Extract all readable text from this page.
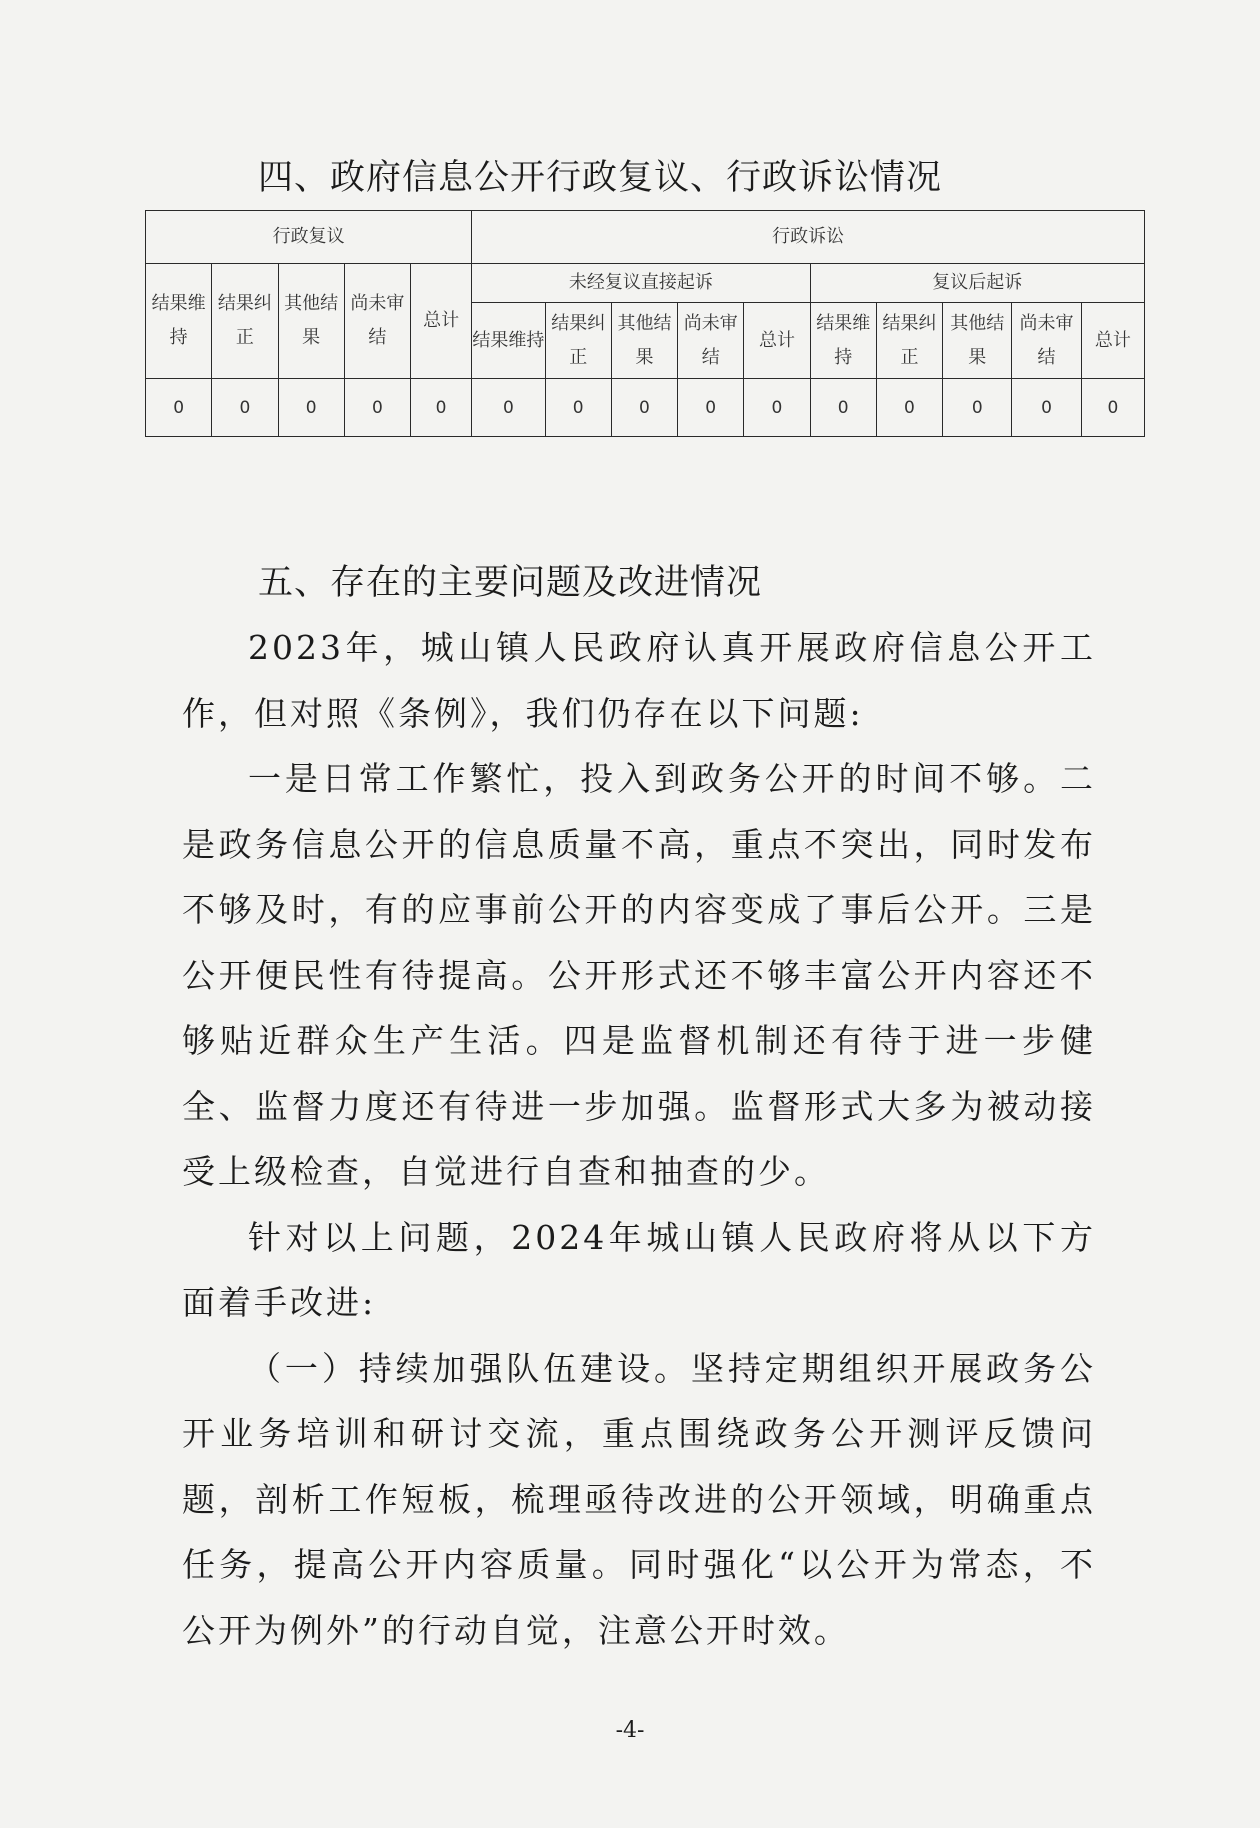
四、政府信息公开行政复议、行政诉讼情况
行政复议					行政诉讼									
结果维持	结果纠正	其他结果	尚未审结	总计	未经复议直接起诉					复议后起诉				
					结果维持	结果纠正	其他结果	尚未审结	总计	结果维持	结果纠正	其他结果	尚未审结	总计
0	0	0	0	0	0	0	0	0	0	0	0	0	0	0
五、存在的主要问题及改进情况

2023年，城山镇人民政府认真开展政府信息公开工作，但对照《条例》，我们仍存在以下问题:

一是日常工作繁忙，投入到政务公开的时间不够。二是政务信息公开的信息质量不高，重点不突出，同时发布不够及时，有的应事前公开的内容变成了事后公开。三是公开便民性有待提高。公开形式还不够丰富公开内容还不够贴近群众生产生活。四是监督机制还有待于进一步健全、监督力度还有待进一步加强。监督形式大多为被动接受上级检查，自觉进行自查和抽查的少。

针对以上问题，2024年城山镇人民政府将从以下方面着手改进:

（一）持续加强队伍建设。坚持定期组织开展政务公开业务培训和研讨交流，重点围绕政务公开测评反馈问题，剖析工作短板，梳理亟待改进的公开领域，明确重点任务，提高公开内容质量。同时强化“以公开为常态，不公开为例外”的行动自觉，注意公开时效。

-4-
